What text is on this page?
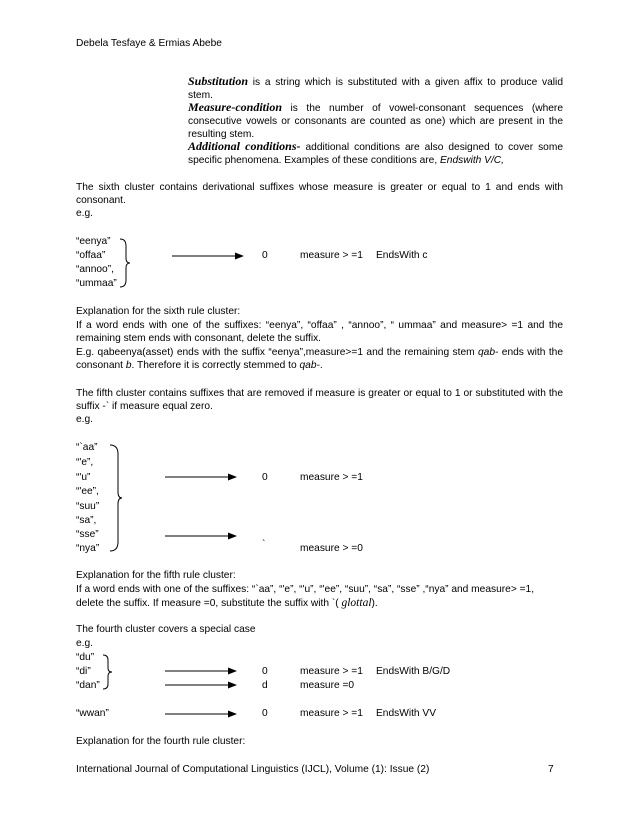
Debela Tesfaye & Ermias Abebe
Substitution is a string which is substituted with a given affix to produce valid stem.
Measure-condition is the number of vowel-consonant sequences (where consecutive vowels or consonants are counted as one) which are present in the resulting stem.
Additional conditions- additional conditions are also designed to cover some specific phenomena. Examples of these conditions are, Endswith V/C,
The sixth cluster contains derivational suffixes whose measure is greater or equal to 1 and ends with consonant.
e.g.
“eenya”
“offaa”
“annoo”,
“ummaa”
0	measure > =1 EndsWith c
Explanation for the sixth rule cluster:
If a word ends with one of the suffixes: “eenya”, “offaa” , “annoo”, “ ummaa” and measure> =1 and the remaining stem ends with consonant, delete the suffix.
E.g. qabeenya(asset) ends with the suffix “eenya”,measure>=1 and the remaining stem qab- ends with the consonant b. Therefore it is correctly stemmed to qab-.
The fifth cluster contains suffixes that are removed if measure is greater or equal to 1 or substituted with the suffix -` if measure equal zero.
e.g.
“`aa”
“'e”,
“'u”
“'ee”,
“suu”
“sa”,
“sse”
“nya”
0	measure > =1
`	measure > =0
Explanation for the fifth rule cluster:
If a word ends with one of the suffixes: “`aa”, “'e”, “'u”, “'ee”, “suu”, “sa”, “sse” ,“nya” and measure> =1,
delete the suffix. If measure =0, substitute the suffix with `( glottal).
The fourth cluster covers a special case
e.g.
“du”
“di”
“dan”
0	measure > =1 EndsWith B/G/D
d	measure =0
“wwan”	0	measure > =1 EndsWith VV
Explanation for the fourth rule cluster:
International Journal of Computational Linguistics (IJCL), Volume (1): Issue (2)	7
